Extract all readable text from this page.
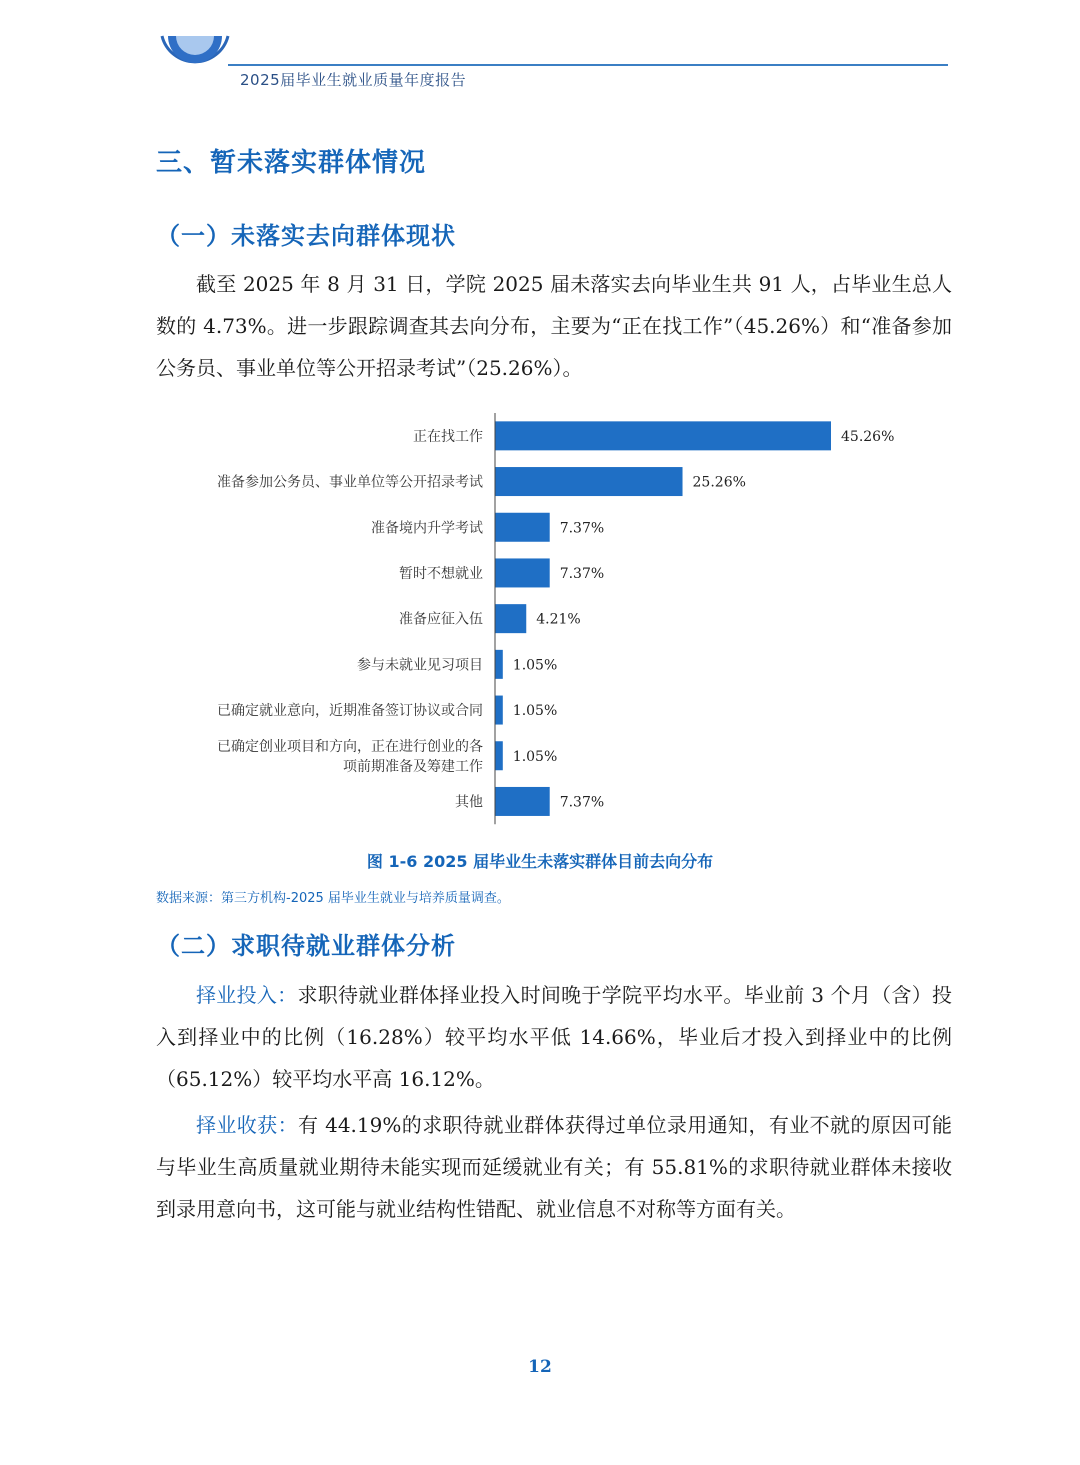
2025届毕业生就业质量年度报告
三、暂未落实群体情况
（一）未落实去向群体现状
截至 2025 年 8 月 31 日，学院 2025 届未落实去向毕业生共 91 人，占毕业生总人数的 4.73%。进一步跟踪调查其去向分布，主要为“正在找工作”（45.26%）和“准备参加公务员、事业单位等公开招录考试”（25.26%）。
45.26%
正在找工作
25.26%
准备参加公务员、事业单位等公开招录考试
7.37%
准备境内升学考试
7.37%
暂时不想就业
4.21%
准备应征入伍
1.05%
参与未就业见习项目
1.05%
已确定就业意向，近期准备签订协议或合同
1.05%
已确定创业项目和方向，正在进行创业的各项前期准备及筹建工作
7.37%
其他
图 1-6 2025 届毕业生未落实群体目前去向分布
数据来源：第三方机构-2025 届毕业生就业与培养质量调查。
（二）求职待就业群体分析
择业投入：求职待就业群体择业投入时间晚于学院平均水平。毕业前 3 个月（含）投入到择业中的比例（16.28%）较平均水平低 14.66%，毕业后才投入到择业中的比例（65.12%）较平均水平高 16.12%。
择业收获：有 44.19%的求职待就业群体获得过单位录用通知，有业不就的原因可能与毕业生高质量就业期待未能实现而延缓就业有关；有 55.81%的求职待就业群体未接收到录用意向书，这可能与就业结构性错配、就业信息不对称等方面有关。
12
